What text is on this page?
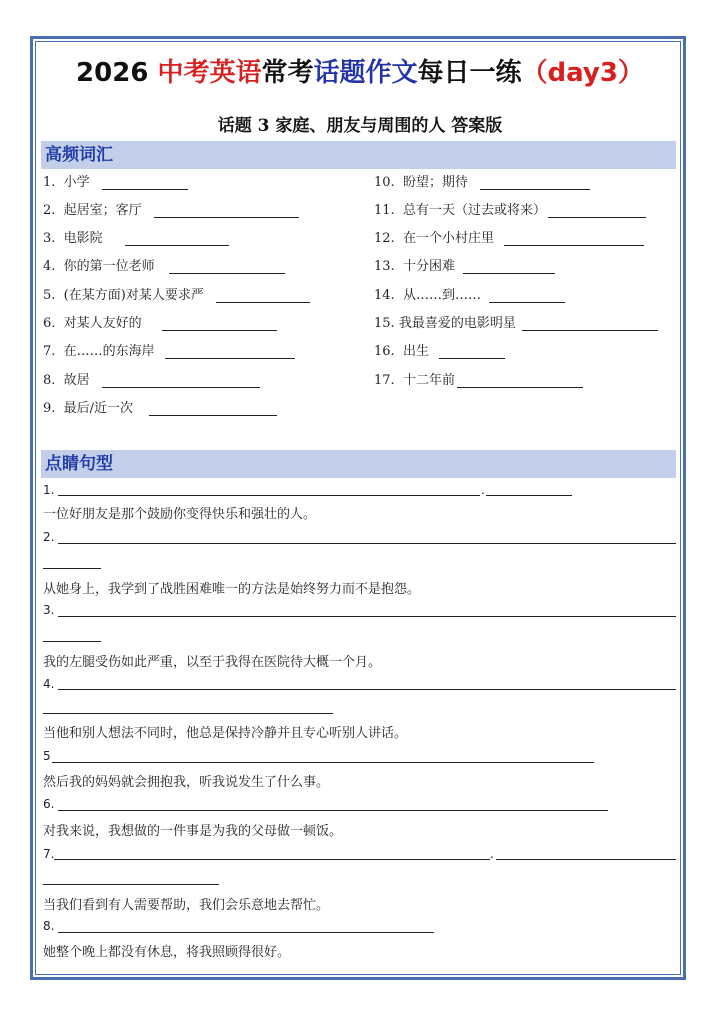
2026 中考英语常考话题作文每日一练（day3）
话题 3 家庭、朋友与周围的人 答案版
高频词汇
1.
小学
2.
起居室；客厅
3.
电影院
4.
你的第一位老师
5.
(在某方面)对某人要求严
6.
对某人友好的
7.
在……的东海岸
8.
故居
9.
最后/近一次
10.
盼望；期待
11.
总有一天（过去或将来）
12.
在一个小村庄里
13.
十分困难
14.
从……到……
15.
我最喜爱的电影明星
16.
出生
17.
十二年前
点睛句型
1.	.
一位好朋友是那个鼓励你变得快乐和强壮的人。
2.
从她身上，我学到了战胜困难唯一的方法是始终努力而不是抱怨。
3.
我的左腿受伤如此严重，以至于我得在医院待大概一个月。
4.
当他和别人想法不同时，他总是保持冷静并且专心听别人讲话。
5
然后我的妈妈就会拥抱我，听我说发生了什么事。
6.
对我来说，我想做的一件事是为我的父母做一顿饭。
7.	.
当我们看到有人需要帮助，我们会乐意地去帮忙。
8.
她整个晚上都没有休息，将我照顾得很好。
